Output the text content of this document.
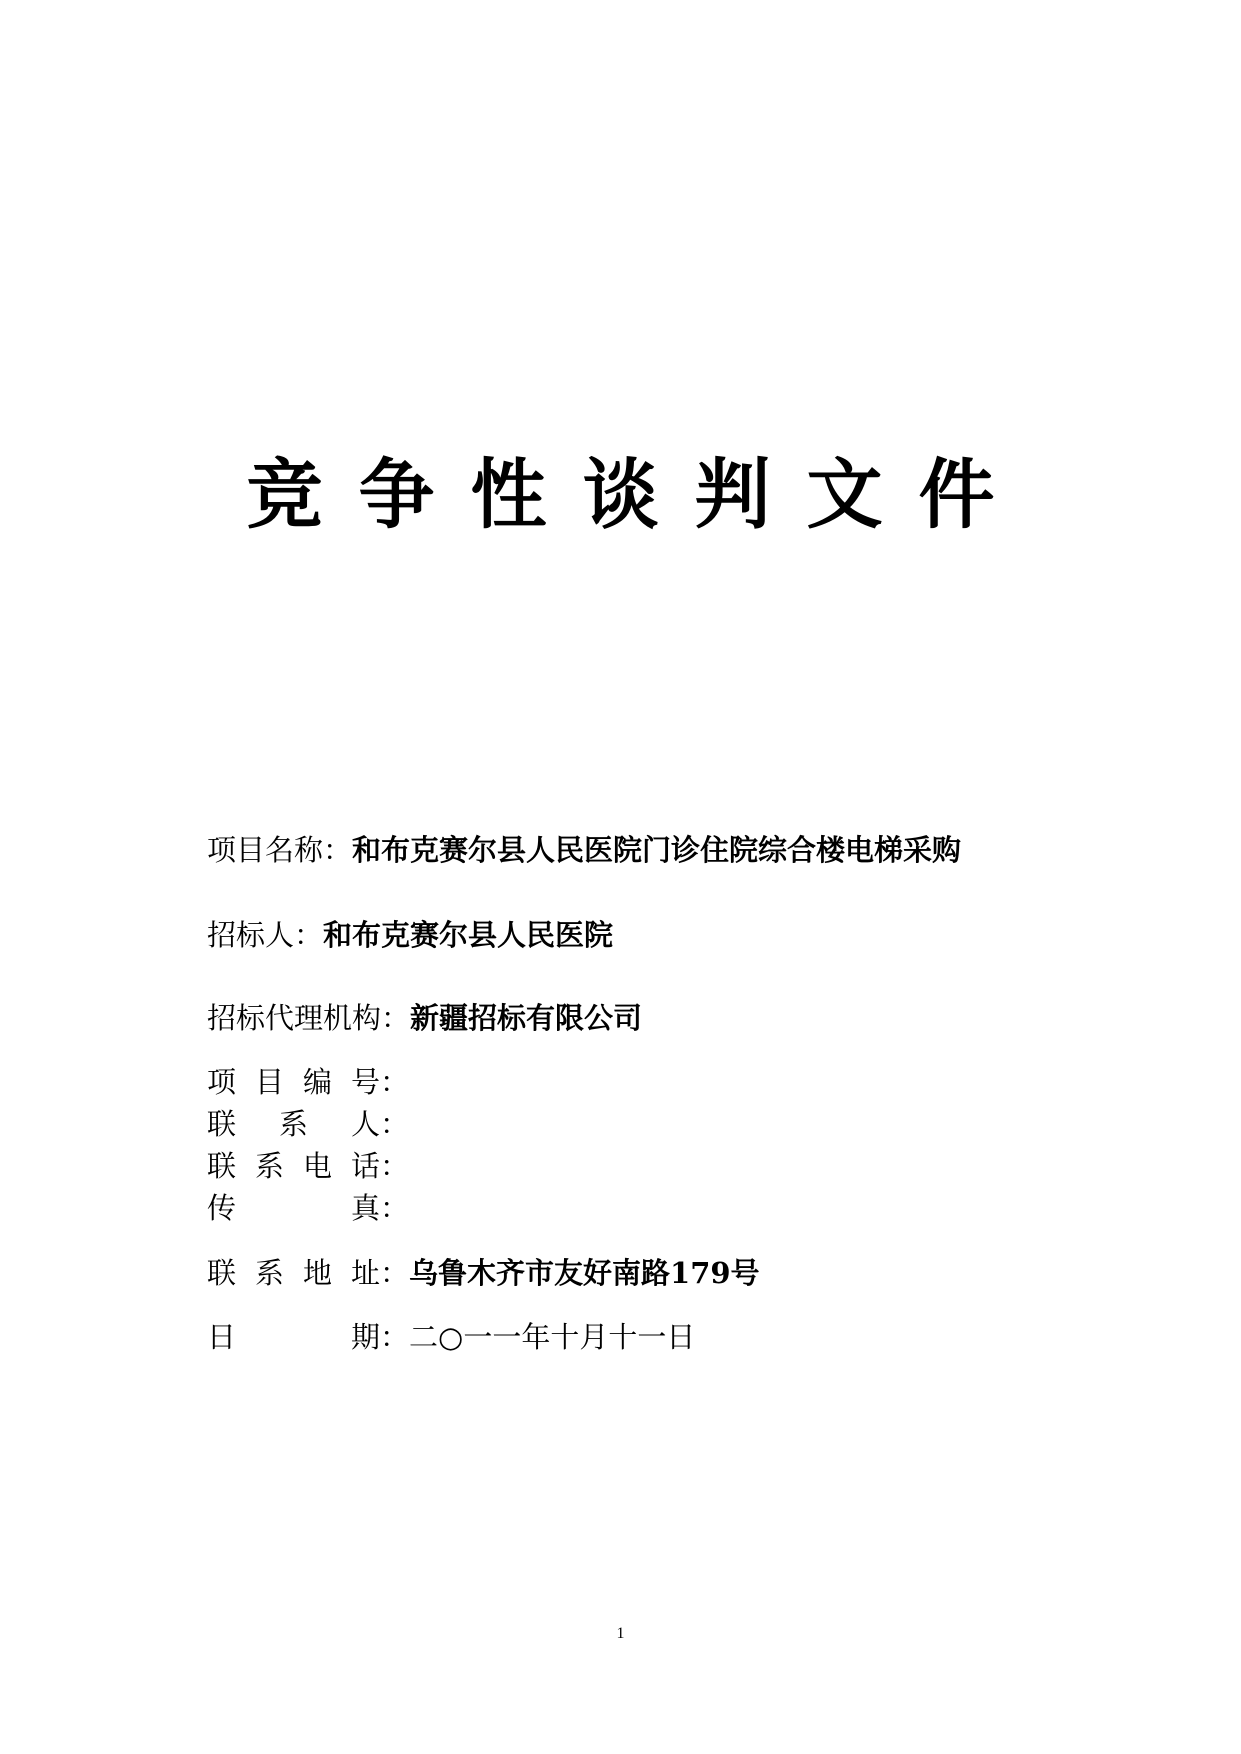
竞 争 性 谈 判 文 件
项目名称：和布克赛尔县人民医院门诊住院综合楼电梯采购
招标人：和布克赛尔县人民医院
招标代理机构：新疆招标有限公司
项目编号：
联系人：
联系电话：
传真：
联系地址：乌鲁木齐市友好南路179号
日期：二○一一年十月十一日
1
